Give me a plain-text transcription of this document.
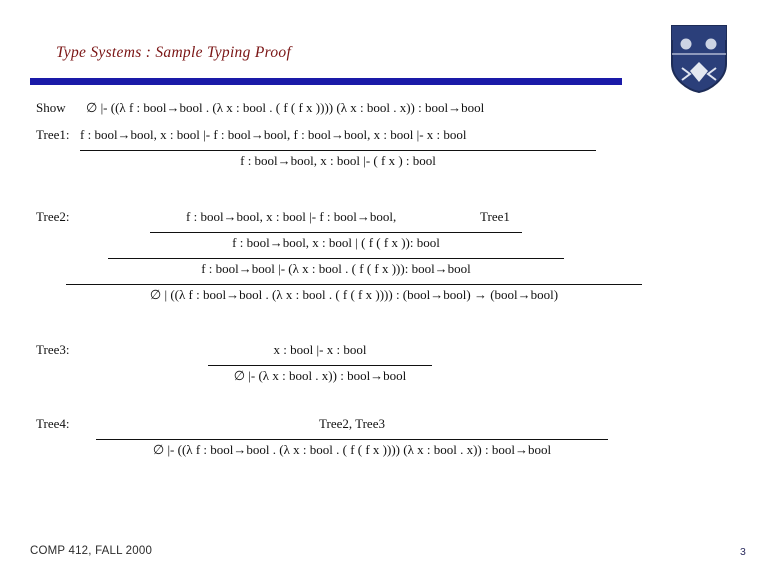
Type Systems : Sample Typing Proof
Show ∅ |- ((λ f : bool→bool . (λ x : bool . ( f ( f x )))) (λ x : bool . x)) : bool→bool
Tree1: f : bool→bool, x : bool |- f : bool→bool, f : bool→bool, x : bool |- x : bool
f : bool→bool, x : bool |- ( f x ) : bool
Tree2:	f : bool→bool, x : bool |- f : bool→bool,	Tree1
f : bool→bool, x : bool | ( f ( f x )): bool
f : bool→bool |- (λ x : bool . ( f ( f x ))): bool→bool
∅ | ((λ f : bool→bool . (λ x : bool . ( f ( f x )))) : (bool→bool) → (bool→bool)
Tree3:	x : bool |- x : bool
∅ |- (λ x : bool . x)) : bool→bool
Tree4:	Tree2, Tree3
∅ |- ((λ f : bool→bool . (λ x : bool . ( f ( f x )))) (λ x : bool . x)) : bool→bool
COMP 412, FALL 2000	3
